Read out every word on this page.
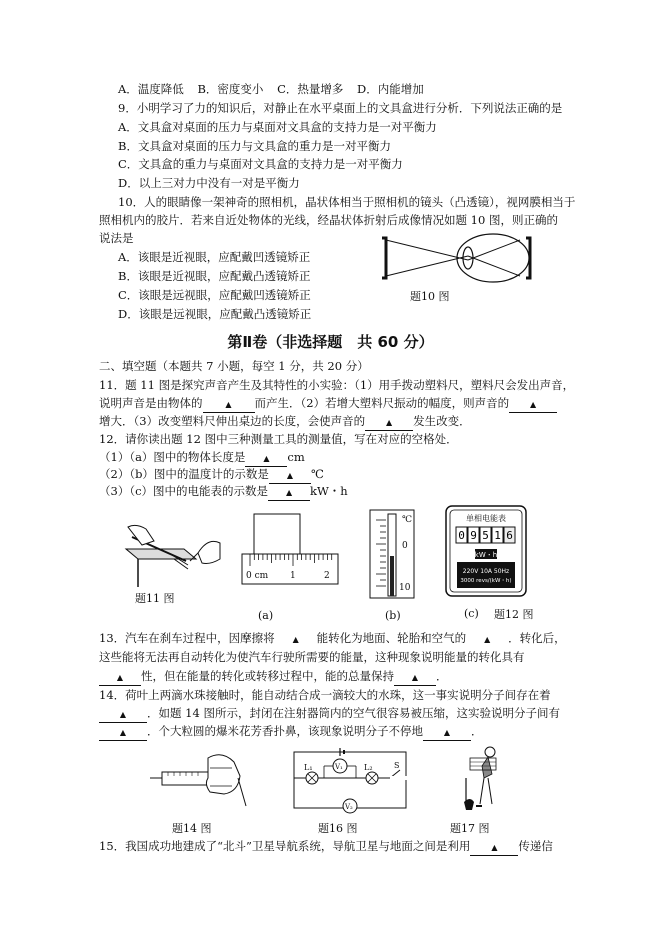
A．温度降低 B．密度变小 C．热量增多 D．内能增加
9．小明学习了力的知识后，对静止在水平桌面上的文具盒进行分析．下列说法正确的是
A．文具盒对桌面的压力与桌面对文具盒的支持力是一对平衡力
B．文具盒对桌面的压力与文具盒的重力是一对平衡力
C．文具盒的重力与桌面对文具盒的支持力是一对平衡力
D．以上三对力中没有一对是平衡力
10．人的眼睛像一架神奇的照相机，晶状体相当于照相机的镜头（凸透镜），视网膜相当于
照相机内的胶片．若来自近处物体的光线，经晶状体折射后成像情况如题 10 图，则正确的
说法是
A．该眼是近视眼，应配戴凹透镜矫正
B．该眼是近视眼，应配戴凸透镜矫正
C．该眼是远视眼，应配戴凹透镜矫正
D．该眼是远视眼，应配戴凸透镜矫正
题10 图
第Ⅱ卷（非选择题　共 60 分）
二、填空题（本题共 7 小题，每空 1 分，共 20 分）
11．题 11 图是探究声音产生及其特性的小实验：（1）用手拨动塑料尺，塑料尺会发出声音，
说明声音是由物体的	▲ 而产生．（2）若增大塑料尺振动的幅度，则声音的	▲
增大．（3）改变塑料尺伸出桌边的长度，会使声音的	▲ 发生改变．
12．请你读出题 12 图中三种测量工具的测量值，写在对应的空格处．
（1）（a）图中的物体长度是 ▲ cm
（2）（b）图中的温度计的示数是 ▲ ℃
（3）（c）图中的电能表的示数是 ▲ kW・h
题11 图
0 cm 1	2
(a)
℃
0
10
(b)
单相电能表
0 9 5 1 6
kW・h
220V 10A 50Hz
3000 revs/(kW・h)
(c) 题12 图
13．汽车在刹车过程中，因摩擦将 ▲ 能转化为地面、轮胎和空气的 ▲ ．转化后，
这些能将无法再自动转化为使汽车行驶所需要的能量，这种现象说明能量的转化具有
▲ 性，但在能量的转化或转移过程中，能的总量保持 ▲ ．
14．荷叶上两滴水珠接触时，能自动结合成一滴较大的水珠，这一事实说明分子间存在着
▲ ．如题 14 图所示，封闭在注射器筒内的空气很容易被压缩，这实验说明分子间有
▲ ．个大粒圆的爆米花芳香扑鼻，该现象说明分子不停地	▲ ．
题14 图
L₁	V₁	L₂	S
V₂
题16 图	题17 图
15．我国成功地建成了“北斗”卫星导航系统，导航卫星与地面之间是利用	▲ 传递信
